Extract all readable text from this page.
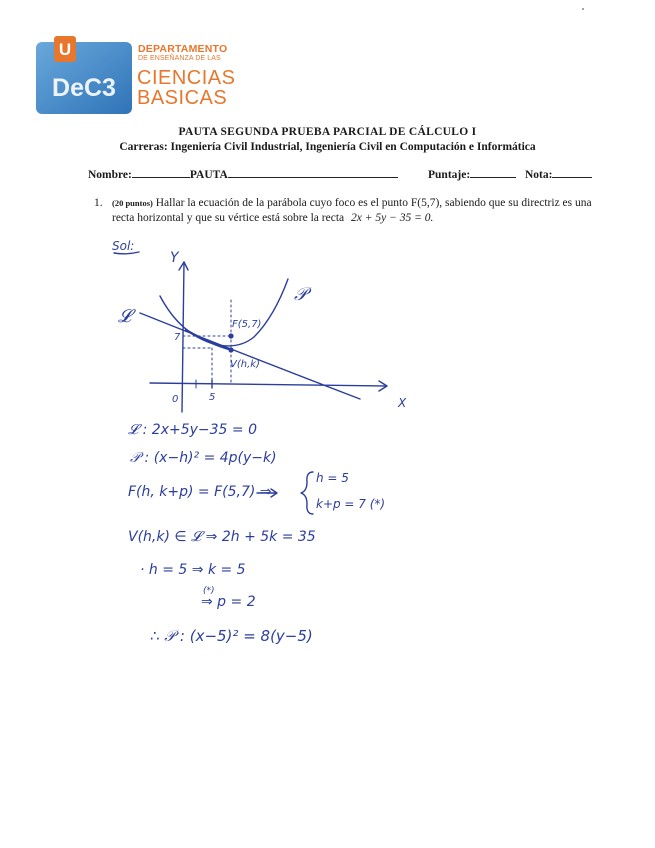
U
DeC3
DEPARTAMENTO
DE ENSEÑANZA DE LAS
CIENCIAS
BASICAS
PAUTA SEGUNDA PRUEBA PARCIAL DE CÁLCULO I
Carreras: Ingeniería Civil Industrial, Ingeniería Civil en Computación e Informática
Nombre:	PAUTA	Puntaje:	Nota:
1. (20 puntos) Hallar la ecuación de la parábola cuyo foco es el punto F(5,7), sabiendo que su directriz es una recta horizontal y que su vértice está sobre la recta 2x + 5y − 35 = 0.
Sol:
Y
X
𝓛
𝒫
F(5,7)
V(h,k)
0	5
7
𝓛 : 2x+5y−35 = 0
𝒫 : (x−h)² = 4p(y−k)
F(h, k+p) = F(5,7) ⇒
h = 5
k+p = 7 (*)
V(h,k) ∈ 𝓛 ⇒ 2h + 5k = 35
· h = 5 ⇒ k = 5
(*)
⇒ p = 2
∴ 𝒫 : (x−5)² = 8(y−5)
